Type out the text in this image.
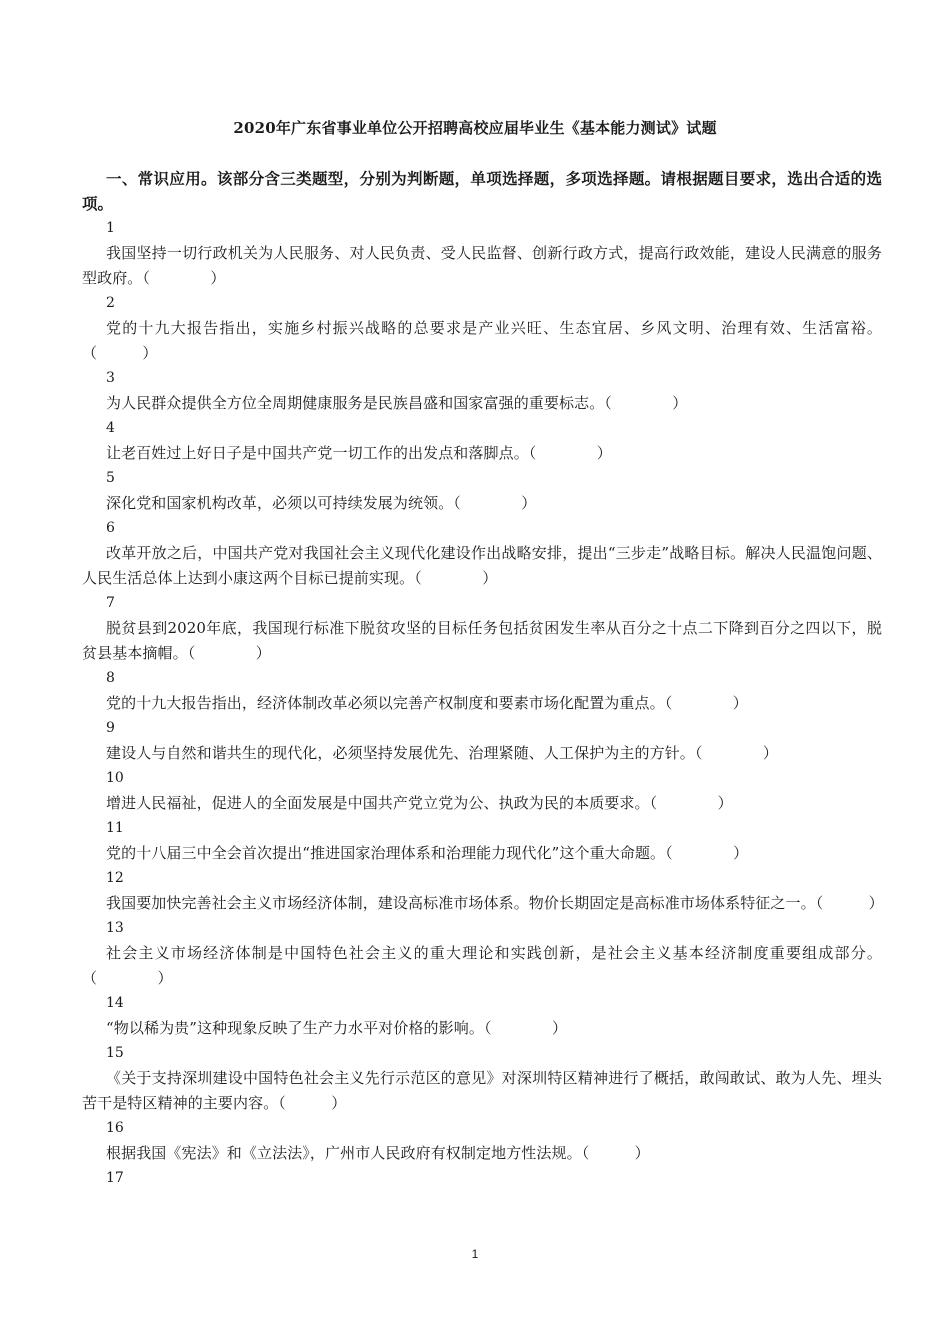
2020年广东省事业单位公开招聘高校应届毕业生《基本能力测试》试题
一、常识应用。该部分含三类题型，分别为判断题，单项选择题，多项选择题。请根据题目要求，选出合适的选项。
1
我国坚持一切行政机关为人民服务、对人民负责、受人民监督、创新行政方式，提高行政效能，建设人民满意的服务型政府。（　　　　）
2
党的十九大报告指出，实施乡村振兴战略的总要求是产业兴旺、生态宜居、乡风文明、治理有效、生活富裕。（　　　）
3
为人民群众提供全方位全周期健康服务是民族昌盛和国家富强的重要标志。（　　　　）
4
让老百姓过上好日子是中国共产党一切工作的出发点和落脚点。（　　　　）
5
深化党和国家机构改革，必须以可持续发展为统领。（　　　　）
6
改革开放之后，中国共产党对我国社会主义现代化建设作出战略安排，提出“三步走”战略目标。解决人民温饱问题、人民生活总体上达到小康这两个目标已提前实现。（　　　　）
7
脱贫县到2020年底，我国现行标准下脱贫攻坚的目标任务包括贫困发生率从百分之十点二下降到百分之四以下，脱贫县基本摘帽。（　　　　）
8
党的十九大报告指出，经济体制改革必须以完善产权制度和要素市场化配置为重点。（　　　　）
9
建设人与自然和谐共生的现代化，必须坚持发展优先、治理紧随、人工保护为主的方针。（　　　　）
10
增进人民福祉，促进人的全面发展是中国共产党立党为公、执政为民的本质要求。（　　　　）
11
党的十八届三中全会首次提出“推进国家治理体系和治理能力现代化”这个重大命题。（　　　　）
12
我国要加快完善社会主义市场经济体制，建设高标准市场体系。物价长期固定是高标准市场体系特征之一。（　　　）
13
社会主义市场经济体制是中国特色社会主义的重大理论和实践创新，是社会主义基本经济制度重要组成部分。（　　　　）
14
“物以稀为贵”这种现象反映了生产力水平对价格的影响。（　　　　）
15
《关于支持深圳建设中国特色社会主义先行示范区的意见》对深圳特区精神进行了概括，敢闯敢试、敢为人先、埋头苦干是特区精神的主要内容。（　　　）
16
根据我国《宪法》和《立法法》，广州市人民政府有权制定地方性法规。（　　　）
17
1
